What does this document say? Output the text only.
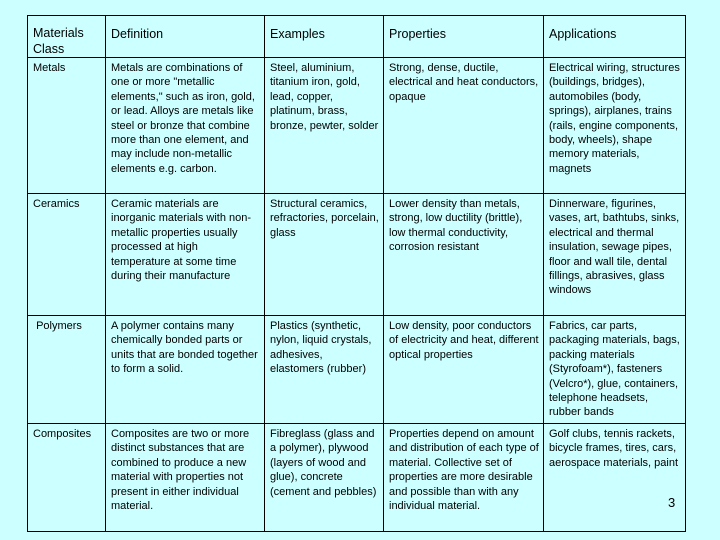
Materials Class	Definition	Examples	Properties	Applications
Metals	Metals are combinations of one or more "metallic elements," such as iron, gold, or lead. Alloys are metals like steel or bronze that combine more than one element, and may include non-metallic elements e.g. carbon.	Steel, aluminium, titanium iron, gold, lead, copper, platinum, brass, bronze, pewter, solder	Strong, dense, ductile, electrical and heat conductors, opaque	Electrical wiring, structures (buildings, bridges), automobiles (body, springs), airplanes, trains (rails, engine components, body, wheels), shape memory materials, magnets
Ceramics	Ceramic materials are inorganic materials with non-metallic properties usually processed at high temperature at some time during their manufacture	Structural ceramics, refractories, porcelain, glass	Lower density than metals, strong, low ductility (brittle), low thermal conductivity, corrosion resistant	Dinnerware, figurines, vases, art, bathtubs, sinks, electrical and thermal insulation, sewage pipes, floor and wall tile, dental fillings, abrasives, glass windows
Polymers	A polymer contains many chemically bonded parts or units that are bonded together to form a solid.	Plastics (synthetic, nylon, liquid crystals, adhesives, elastomers (rubber)	Low density, poor conductors of electricity and heat, different optical properties	Fabrics, car parts, packaging materials, bags, packing materials (Styrofoam*), fasteners (Velcro*), glue, containers, telephone headsets, rubber bands
Composites	Composites are two or more distinct substances that are combined to produce a new material with properties not present in either individual material.	Fibreglass (glass and a polymer), plywood (layers of wood and glue), concrete (cement and pebbles)	Properties depend on amount and distribution of each type of material. Collective set of properties are more desirable and possible than with any individual material.	Golf clubs, tennis rackets, bicycle frames, tires, cars, aerospace materials, paint
3
